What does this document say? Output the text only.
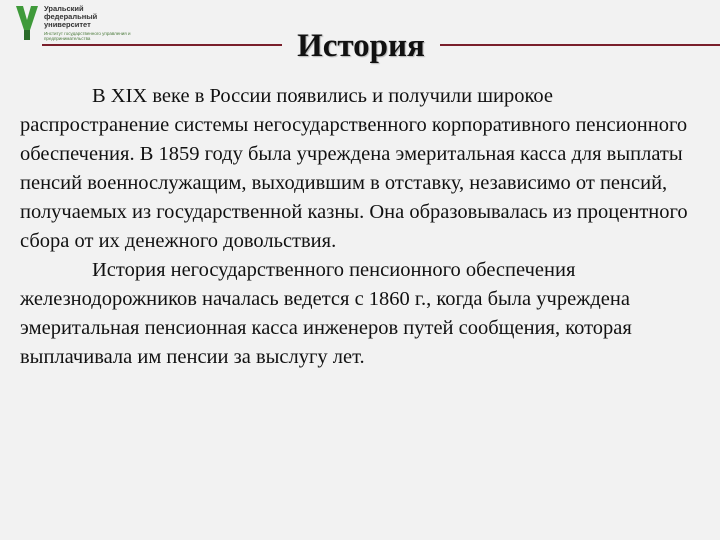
Уральский
федеральный
университет
Институт государственного управления и предпринимательства	История

В XIX веке в России появились и получили широкое распространение системы негосударственного корпоративного пенсионного обеспечения. В 1859 году была учреждена эмеритальная касса для выплаты пенсий военнослужащим, выходившим в отставку, независимо от пенсий, получаемых из государственной казны. Она образовывалась из процентного сбора от их денежного довольствия.

История негосударственного пенсионного обеспечения железнодорожников началась ведется с 1860 г., когда была учреждена эмеритальная пенсионная касса инженеров путей сообщения, которая выплачивала им пенсии за выслугу лет.
